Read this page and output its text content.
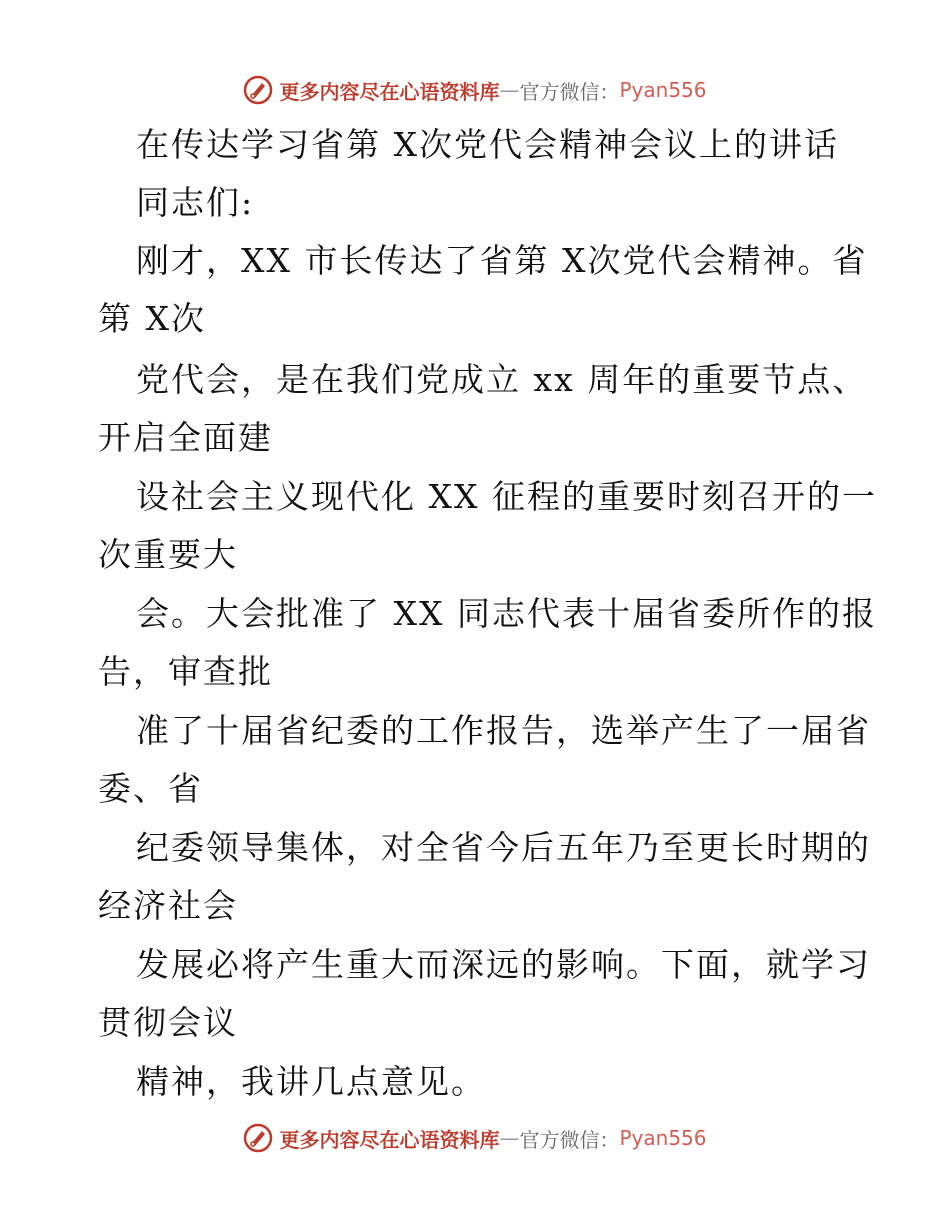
更多内容尽在心语资料库 — 官方微信： Pyan556
在传达学习省第 X次党代会精神会议上的讲话
同志们:
刚才，XX 市长传达了省第 X次党代会精神。省
第 X次
党代会，是在我们党成立 xx 周年的重要节点、
开启全面建
设社会主义现代化 XX 征程的重要时刻召开的一
次重要大
会。大会批准了 XX 同志代表十届省委所作的报
告，审查批
准了十届省纪委的工作报告，选举产生了一届省
委、省
纪委领导集体，对全省今后五年乃至更长时期的
经济社会
发展必将产生重大而深远的影响。下面，就学习
贯彻会议
精神，我讲几点意见。
更多内容尽在心语资料库 — 官方微信： Pyan556
